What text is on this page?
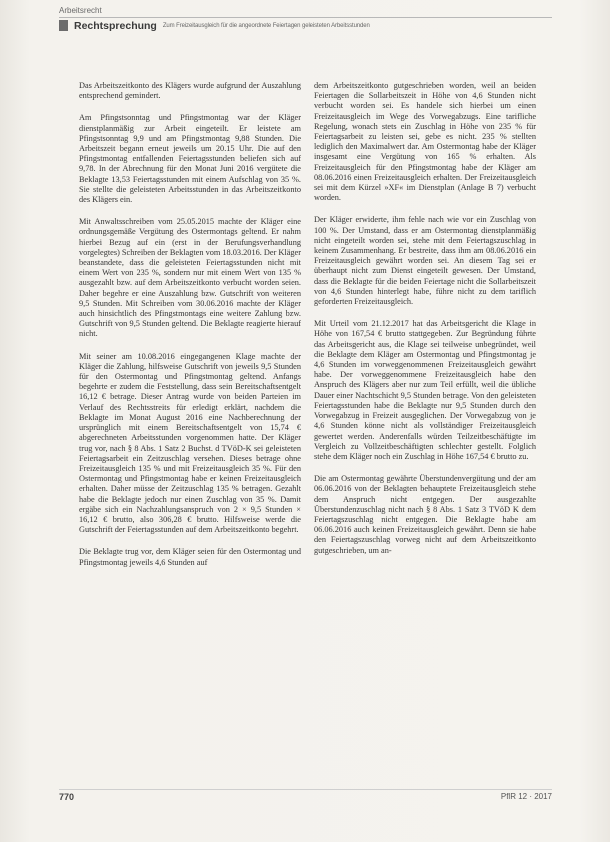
Arbeitsrecht
Rechtsprechung Zum Freizeitausgleich für die angeordnete Feiertagen geleisteten Arbeitsstunden

Das Arbeitszeitkonto des Klägers wurde aufgrund der Auszahlung entsprechend gemindert.

Am Pfingstsonntag und Pfingstmontag war der Kläger dienstplanmäßig zur Arbeit eingeteilt. Er leistete am Pfingstsonntag 9,9 und am Pfingstmontag 9,88 Stunden. Die Arbeitszeit begann erneut jeweils um 20.15 Uhr. Die auf den Pfingstmontag entfallenden Feiertagsstunden beliefen sich auf 9,78. In der Abrechnung für den Monat Juni 2016 vergütete die Beklagte 13,53 Feiertagsstunden mit einem Aufschlag von 35 %. Sie stellte die geleisteten Arbeitsstunden in das Arbeitszeitkonto des Klägers ein.

Mit Anwaltsschreiben vom 25.05.2015 machte der Kläger eine ordnungsgemäße Vergütung des Ostermontags geltend. Er nahm hierbei Bezug auf ein (erst in der Berufungsverhandlung vorgelegtes) Schreiben der Beklagten vom 18.03.2016. Der Kläger beanstandete, dass die geleisteten Feiertagsstunden nicht mit einem Wert von 235 %, sondern nur mit einem Wert von 135 % ausgezahlt bzw. auf dem Arbeitszeitkonto verbucht worden seien. Daher begehre er eine Auszahlung bzw. Gutschrift von weiteren 9,5 Stunden. Mit Schreiben vom 30.06.2016 machte der Kläger auch hinsichtlich des Pfingstmontags eine weitere Zahlung bzw. Gutschrift von 9,5 Stunden geltend. Die Beklagte reagierte hierauf nicht.

Mit seiner am 10.08.2016 eingegangenen Klage machte der Kläger die Zahlung, hilfsweise Gutschrift von jeweils 9,5 Stunden für den Ostermontag und Pfingstmontag geltend. Anfangs begehrte er zudem die Feststellung, dass sein Bereitschaftsentgelt 16,12 € betrage. Dieser Antrag wurde von beiden Parteien im Verlauf des Rechtsstreits für erledigt erklärt, nachdem die Beklagte im Monat August 2016 eine Nachberechnung der ursprünglich mit einem Bereitschaftsentgelt von 15,74 € abgerechneten Arbeitsstunden vorgenommen hatte. Der Kläger trug vor, nach § 8 Abs. 1 Satz 2 Buchst. d TVöD-K sei geleisteten Feiertagsarbeit ein Zeitzuschlag versehen. Dieses betrage ohne Freizeitausgleich 135 % und mit Freizeitausgleich 35 %. Für den Ostermontag und Pfingstmontag habe er keinen Freizeitausgleich erhalten. Daher müsse der Zeitzuschlag 135 % betragen. Gezahlt habe die Beklagte jedoch nur einen Zuschlag von 35 %. Damit ergäbe sich ein Nachzahlungsanspruch von 2 × 9,5 Stunden × 16,12 € brutto, also 306,28 € brutto. Hilfsweise werde die Gutschrift der Feiertagsstunden auf dem Arbeitszeitkonto begehrt.

Die Beklagte trug vor, dem Kläger seien für den Ostermontag und Pfingstmontag jeweils 4,6 Stunden auf

dem Arbeitszeitkonto gutgeschrieben worden, weil an beiden Feiertagen die Sollarbeitszeit in Höhe von 4,6 Stunden nicht verbucht worden sei. Es handele sich hierbei um einen Freizeitausgleich im Wege des Vorwegabzugs. Eine tarifliche Regelung, wonach stets ein Zuschlag in Höhe von 235 % für Feiertagsarbeit zu leisten sei, gebe es nicht. 235 % stellten lediglich den Maximalwert dar. Am Ostermontag habe der Kläger insgesamt eine Vergütung von 165 % erhalten. Als Freizeitausgleich für den Pfingstmontag habe der Kläger am 08.06.2016 einen Freizeitausgleich erhalten. Der Freizeitausgleich sei mit dem Kürzel »XF« im Dienstplan (Anlage B 7) verbucht worden.

Der Kläger erwiderte, ihm fehle nach wie vor ein Zuschlag von 100 %. Der Umstand, dass er am Ostermontag dienstplanmäßig nicht eingeteilt worden sei, stehe mit dem Feiertagszuschlag in keinem Zusammenhang. Er bestreite, dass ihm am 08.06.2016 ein Freizeitausgleich gewährt worden sei. An diesem Tag sei er überhaupt nicht zum Dienst eingeteilt gewesen. Der Umstand, dass die Beklagte für die beiden Feiertage nicht die Sollarbeitszeit von 4,6 Stunden hinterlegt habe, führe nicht zu dem tariflich geforderten Freizeitausgleich.

Mit Urteil vom 21.12.2017 hat das Arbeitsgericht die Klage in Höhe von 167,54 € brutto stattgegeben. Zur Begründung führte das Arbeitsgericht aus, die Klage sei teilweise unbegründet, weil die Beklagte dem Kläger am Ostermontag und Pfingstmontag je 4,6 Stunden im vorweggenommenen Freizeitausgleich gewährt habe. Der vorweggenommene Freizeitausgleich habe den Anspruch des Klägers aber nur zum Teil erfüllt, weil die übliche Dauer einer Nachtschicht 9,5 Stunden betrage. Von den geleisteten Feiertagsstunden habe die Beklagte nur 9,5 Stunden durch den Vorwegabzug in Freizeit ausgeglichen. Der Vorwegabzug von je 4,6 Stunden könne nicht als vollständiger Freizeitausgleich gewertet werden. Anderenfalls würden Teilzeitbeschäftigte im Vergleich zu Vollzeitbeschäftigten schlechter gestellt. Folglich stehe dem Kläger noch ein Zuschlag in Höhe 167,54 € brutto zu.

Die am Ostermontag gewährte Überstundenvergütung und der am 06.06.2016 von der Beklagten behauptete Freizeitausgleich stehe dem Anspruch nicht entgegen. Der ausgezahlte Überstundenzuschlag nicht nach § 8 Abs. 1 Satz 3 TVöD K dem Feiertagszuschlag nicht entgegen. Die Beklagte habe am 06.06.2016 auch keinen Freizeitausgleich gewährt. Denn sie habe den Feiertagszuschlag vorweg nicht auf dem Arbeitszeitkonto gutgeschrieben, um an-

770	PflR 12 · 2017
